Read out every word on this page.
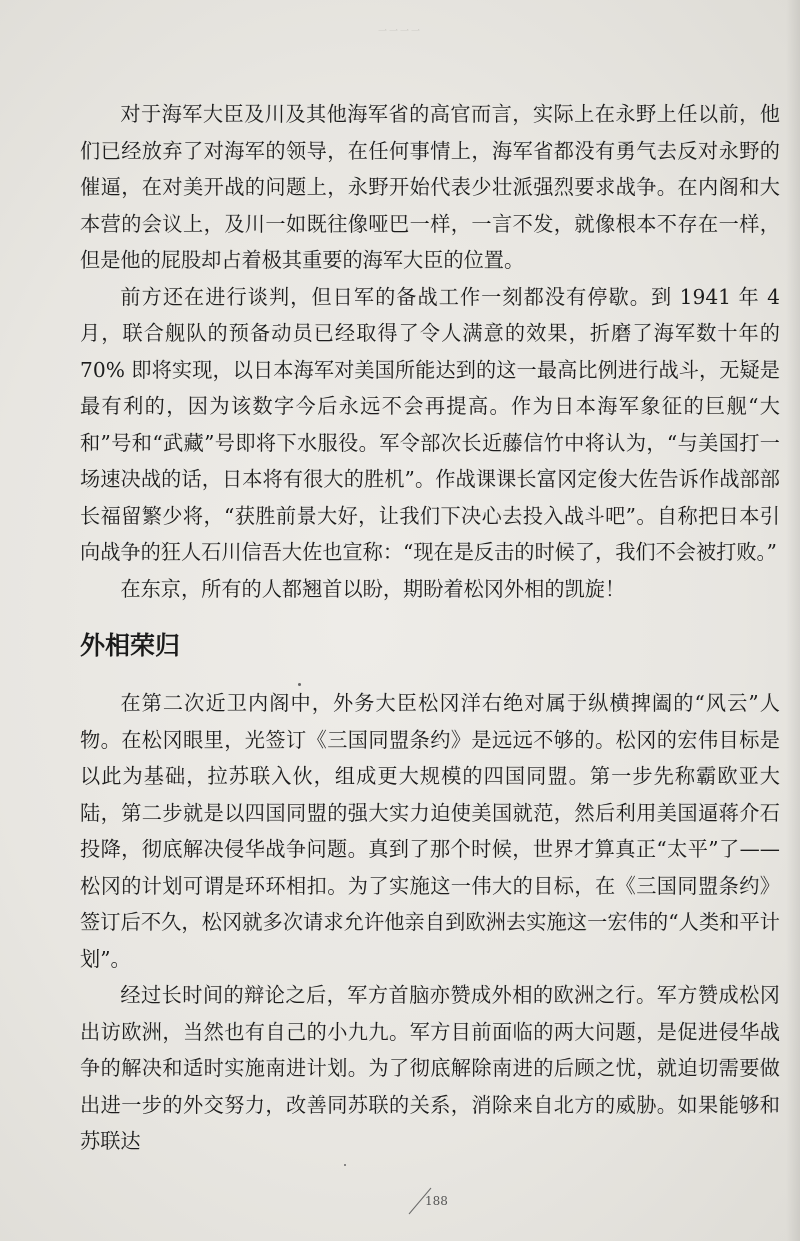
一一一一

对于海军大臣及川及其他海军省的高官而言，实际上在永野上任以前，他们已经放弃了对海军的领导，在任何事情上，海军省都没有勇气去反对永野的催逼，在对美开战的问题上，永野开始代表少壮派强烈要求战争。在内阁和大本营的会议上，及川一如既往像哑巴一样，一言不发，就像根本不存在一样，但是他的屁股却占着极其重要的海军大臣的位置。

前方还在进行谈判，但日军的备战工作一刻都没有停歇。到 1941 年 4 月，联合舰队的预备动员已经取得了令人满意的效果，折磨了海军数十年的 70% 即将实现，以日本海军对美国所能达到的这一最高比例进行战斗，无疑是最有利的，因为该数字今后永远不会再提高。作为日本海军象征的巨舰“大和”号和“武藏”号即将下水服役。军令部次长近藤信竹中将认为，“与美国打一场速决战的话，日本将有很大的胜机”。作战课课长富冈定俊大佐告诉作战部部长福留繁少将，“获胜前景大好，让我们下决心去投入战斗吧”。自称把日本引向战争的狂人石川信吾大佐也宣称：“现在是反击的时候了，我们不会被打败。”

在东京，所有的人都翘首以盼，期盼着松冈外相的凯旋！

外相荣归

在第二次近卫内阁中，外务大臣松冈洋右绝对属于纵横捭阖的“风云”人物。在松冈眼里，光签订《三国同盟条约》是远远不够的。松冈的宏伟目标是以此为基础，拉苏联入伙，组成更大规模的四国同盟。第一步先称霸欧亚大陆，第二步就是以四国同盟的强大实力迫使美国就范，然后利用美国逼蒋介石投降，彻底解决侵华战争问题。真到了那个时候，世界才算真正“太平”了——松冈的计划可谓是环环相扣。为了实施这一伟大的目标，在《三国同盟条约》签订后不久，松冈就多次请求允许他亲自到欧洲去实施这一宏伟的“人类和平计划”。

经过长时间的辩论之后，军方首脑亦赞成外相的欧洲之行。军方赞成松冈出访欧洲，当然也有自己的小九九。军方目前面临的两大问题，是促进侵华战争的解决和适时实施南进计划。为了彻底解除南进的后顾之忧，就迫切需要做出进一步的外交努力，改善同苏联的关系，消除来自北方的威胁。如果能够和苏联达

188
